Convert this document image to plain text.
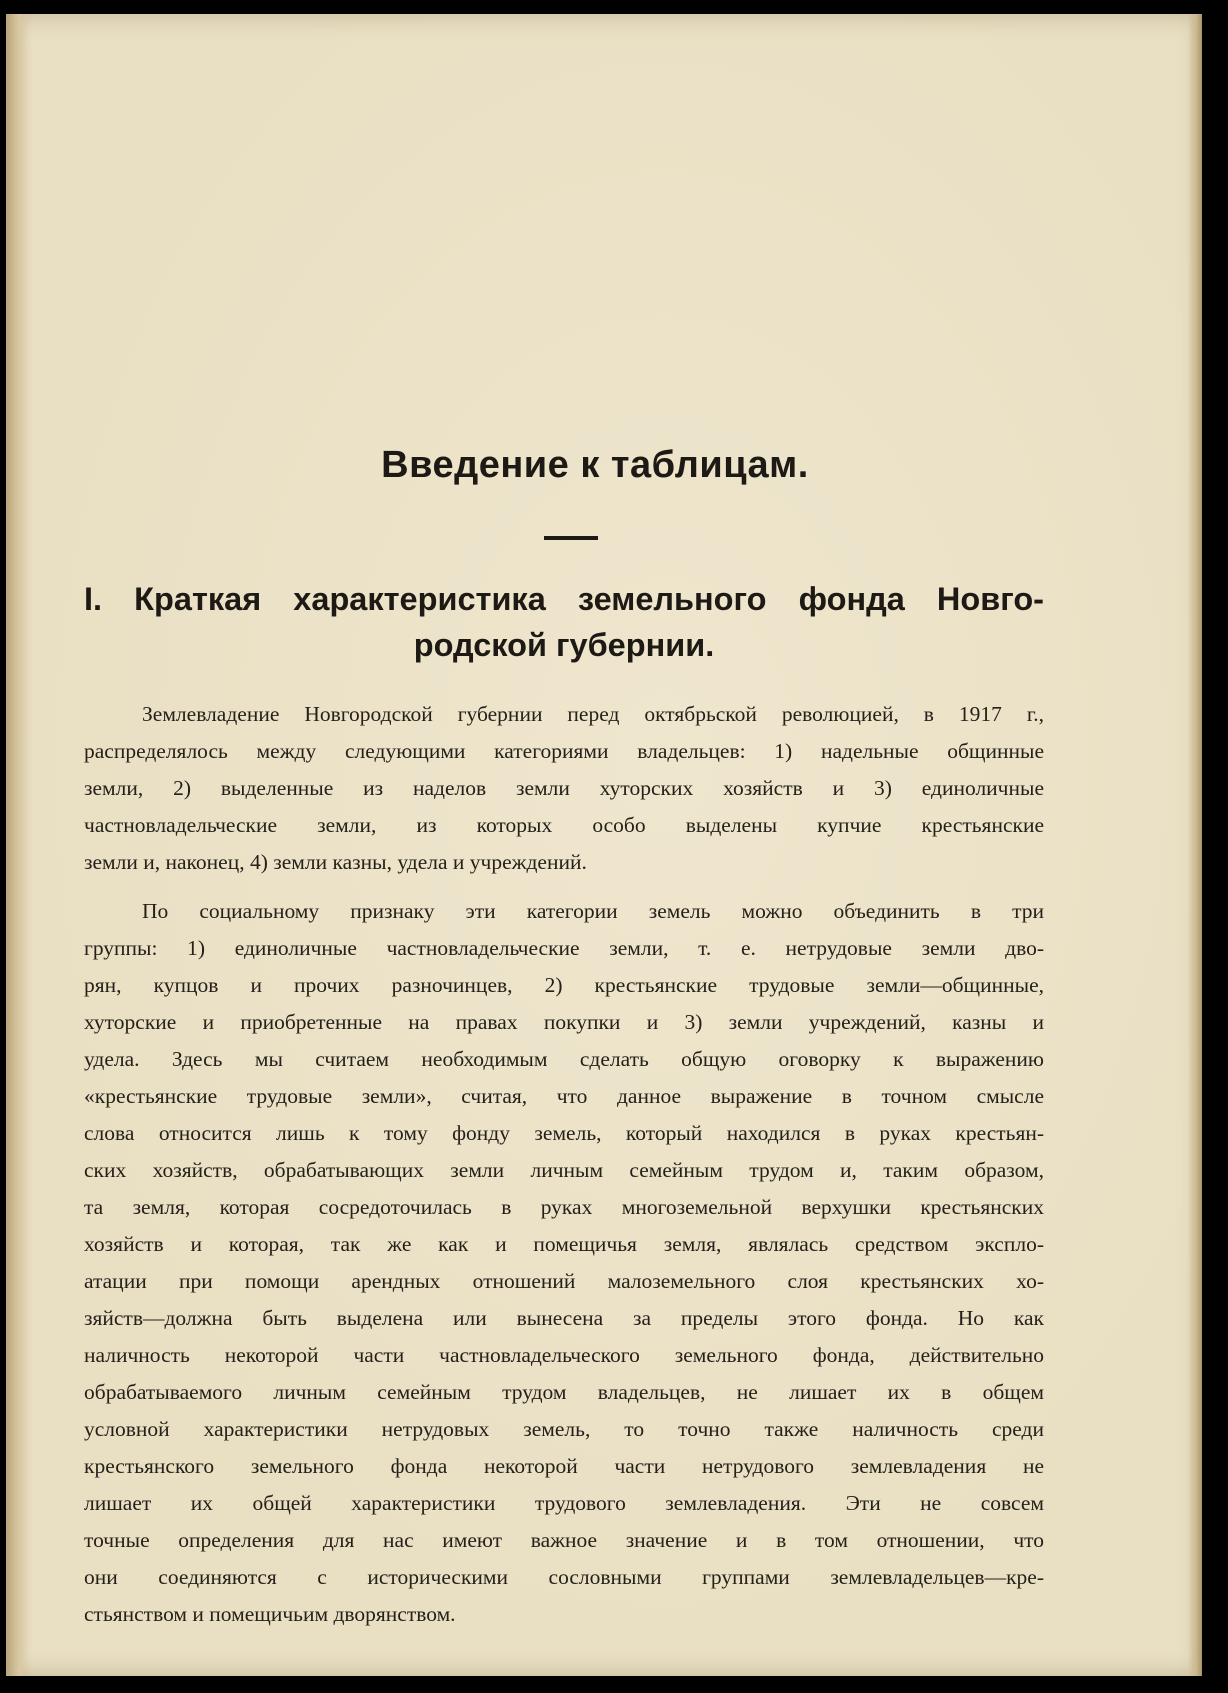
Введение к таблицам.
I. Краткая характеристика земельного фонда Новго-
родской губернии.
Землевладение Новгородской губернии перед октябрьской революцией, в 1917 г.,
распределялось между следующими категориями владельцев: 1) надельные общинные
земли, 2) выделенные из наделов земли хуторских хозяйств и 3) единоличные
частновладельческие земли, из которых особо выделены купчие крестьянские
земли и, наконец, 4) земли казны, удела и учреждений.
По социальному признаку эти категории земель можно объединить в три
группы: 1) единоличные частновладельческие земли, т. е. нетрудовые земли дво-
рян, купцов и прочих разночинцев, 2) крестьянские трудовые земли—общинные,
хуторские и приобретенные на правах покупки и 3) земли учреждений, казны и
удела. Здесь мы считаем необходимым сделать общую оговорку к выражению
«крестьянские трудовые земли», считая, что данное выражение в точном смысле
слова относится лишь к тому фонду земель, который находился в руках крестьян-
ских хозяйств, обрабатывающих земли личным семейным трудом и, таким образом,
та земля, которая сосредоточилась в руках многоземельной верхушки крестьянских
хозяйств и которая, так же как и помещичья земля, являлась средством экспло-
атации при помощи арендных отношений малоземельного слоя крестьянских хо-
зяйств—должна быть выделена или вынесена за пределы этого фонда. Но как
наличность некоторой части частновладельческого земельного фонда, действительно
обрабатываемого личным семейным трудом владельцев, не лишает их в общем
условной характеристики нетрудовых земель, то точно также наличность среди
крестьянского земельного фонда некоторой части нетрудового землевладения не
лишает их общей характеристики трудового землевладения. Эти не совсем
точные определения для нас имеют важное значение и в том отношении, что
они соединяются с историческими сословными группами землевладельцев—кре-
стьянством и помещичьим дворянством.
